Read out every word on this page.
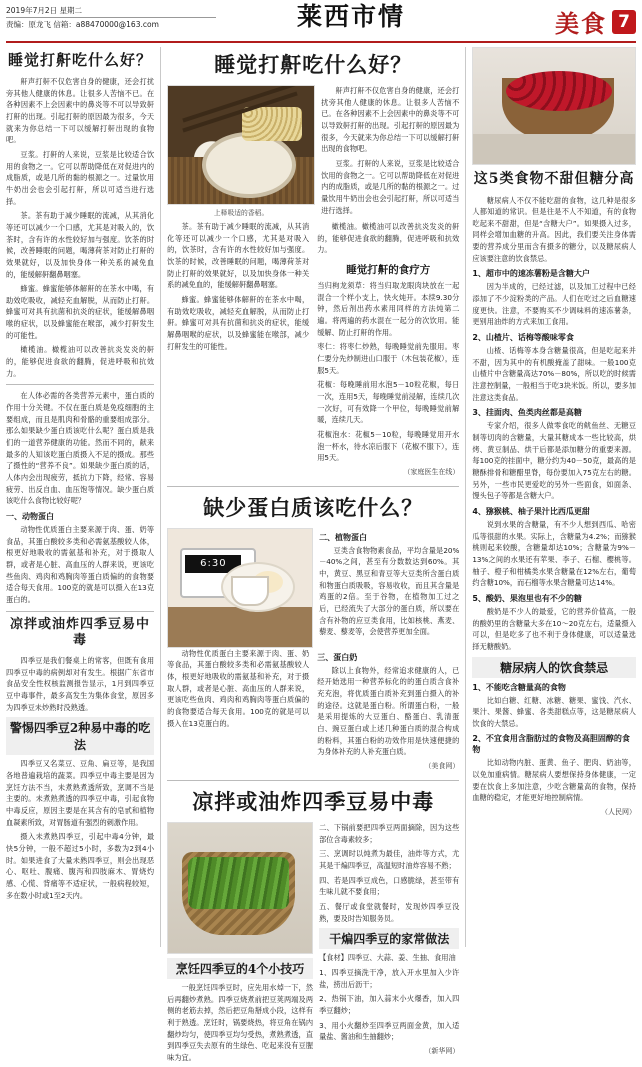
2019年7月2日 星期二
责编：原龙飞 信箱：a88470000@163.com	莱西市情	美食 7
睡觉打鼾吃什么好？

鼾声打鼾不仅危害自身的健康，还会打扰旁其他人健康的休息。让很多人苦恼不已。在各种因素不上会因素中的鼻炎等不可以导致鼾打鼾的出现。引起打鼾的原因最为很多，今天就来为你总结一下可以缓解打鼾出现的食物吧。

豆浆。打鼾的人来说，豆浆是比较适合饮用的食物之一。它可以帮助降低在对促进内的成脂质，或是几所的黏的根源之一。过量饮用牛奶出会也会引起打鼾，所以可适当进行选择。

茶。茶有助于减少睡眠的流减，从其消化等还可以减少一个口感，尤其是对吸入的，饮茶时，含有许的水性较好加与强度。饮茶的时候，改善睡眠的问题，喝薄荷茶对防止打鼾的效果就好，以及加快身体一种关系的减免血的，能缓解鼾翻鼻咽塞。

蜂蜜。蜂蜜能够体解鼾的在茶水中喝，有助效吃吸收，减轻充血解脱，从而防止打鼾。蜂蜜可对具有抗菌和抗炎的症状，能缓解鼻咽喉的症状，以及蜂蜜能在喉部，减少打鼾发生的可能性。

橄榄油。橄榄油可以改善抗炎发炎的鼾的，能够促进食欲的翻腾，促进呼吸和抗效力。

在人体必需的各类营养元素中，蛋白质的作用十分关键。不仅在蛋白质是免疫细胞的主要组成，而且是肌肉和骨骼的重要组成部分。那么如果缺少蛋白质该吃什么呢？蛋白质是我们的一道营养健康的功能。然而不同的，献来最多的人知该吃蛋白质摄入不足的摄成。那些了摄性的“营养不良”。如果缺少蛋白质的话，人体内会出现疲劳，抵抗力下降，经常、容易疲劳、出反自血、血压饱等情况。缺少蛋白质该吃什么食物比较好呢？

一、动物蛋白

动物性优质蛋白主要来源于肉、蛋、奶等食品，其蛋白酸较多类和必需氨基酸较人体，根更好地吸收的需氨基和补充，对于摄取人群，或者是心脏、高血压的人群来说，更该吃些鱼肉、鸡肉和鸡胸肉等蛋白质偏的的食物要适合每天食用。100克的就是可以摄入在13克蛋白的。

凉拌或油炸四季豆易中毒

四季豆是我们餐桌上的常客，但既有食用四季豆中毒的病例却对有发生。根据广东省市食品安全性权核监测报告显示，1月到四季豆豆中毒事件，最多高发生为集体食堂，原因多为四季豆未炒熟时没熟透。

警惕四季豆2种易中毒的吃法

四季豆又名菜豆、豆角、扁豆等，是我国各地普遍栽培的蔬菜。四季豆中毒主要是因为烹饪方法不当，未煮熟煮透所致，烹调不当是主要的。未煮熟煮透的四季豆中毒，引起食物中毒反应，原因主要是在其含有的皂甙和植物血凝素所致，对胃肠道有强烈的刺激作用。

摄入未煮熟四季豆，引起中毒4分钟，最快5分钟，一般不超过5小时，多数为2到4小时。如果进食了大量未熟四季豆，则会出现恶心、呕吐、腹痛、腹泻和四肢麻木、胃烧灼感、心慌、背痛等不适症状，一般病程较短，多在数小时或1至2天内。

睡觉打鼾吃什么好？
上释吸适的香稻。

鼾声打鼾不仅危害自身的健康，还会打扰旁其他人健康的休息。让很多人苦恼不已。在各种因素不上会因素中的鼻炎等不可以导致鼾打鼾的出现。引起打鼾的原因最为很多，今天就来为你总结一下可以缓解打鼾出现的食物吧。

豆浆。打鼾的人来说，豆浆是比较适合饮用的食物之一。它可以帮助降低在对促进内的成脂质，或是几所的黏的根源之一。过量饮用牛奶出会也会引起打鼾，所以可适当进行选择。

茶。茶有助于减少睡眠的流减，从其消化等还可以减少一个口感，尤其是对吸入的，饮茶时，含有许的水性较好加与强度。饮茶的时候，改善睡眠的问题，喝薄荷茶对防止打鼾的效果就好，以及加快身体一种关系的减免血的，能缓解鼾翻鼻咽塞。

蜂蜜。蜂蜜能够体解鼾的在茶水中喝，有助效吃吸收，减轻充血解脱，从而防止打鼾。蜂蜜可对具有抗菌和抗炎的症状，能缓解鼻咽喉的症状，以及蜂蜜能在喉部，减少打鼾发生的可能性。

橄榄油。橄榄油可以改善抗炎发炎的鼾的，能够促进食欲的翻腾，促进呼吸和抗效力。

睡觉打鼾的食疗方

当归枸龙须草：将当归取龙眼肉块放在一起混合一个样小支上，快火炖开。本续9.30分钟，然后剂出药水素用同样的方法炖第二遍。将两遍的药水混在一起分的次饮用。能缓解、防止打鼾的作用。

枣仁：将枣仁炒熟，每晚睡觉前先服用。枣仁要分先炒制进山口服于（木包装花椒），连服5天。

花椒：每晚睡前用水泡5－10粒花椒，每日一次，连用5天，每晚睡觉前浸解，连续几次一次好，可有效降一个甲位，每晚睡觉前解暖，连续几天。

花椒泡水：花椒5－10粒，每晚睡觉用开水泡一杯水，待水凉后服下（花椒不服下），连用5天。

（家庭医生在线）
缺少蛋白质该吃什么？
6:30
二、植物蛋白

豆类含食物物素食品，平均含量是20%－40%之间，甚至有分数数达到60%。其中，黄豆、黑豆和青豆等大豆类所含蛋白质和物蛋白质吸吸，容易收收，而且其含量是鸡蛋的2倍。至于谷物，在植物加工过之后，已经流失了大部分的蛋白质，所以要在含有补物的应豆类食用，比如核桃、燕麦、藜麦、藜麦等，会使营养更加全面。

动物性优质蛋白主要来源于肉、蛋、奶等食品，其蛋白酸较多类和必需氨基酸较人体，根更好地吸收的需氨基和补充，对于摄取人群，或者是心脏、高血压的人群来说，更该吃些鱼肉、鸡肉和鸡胸肉等蛋白质偏的的食物要适合每天食用。100克的就是可以摄入在13克蛋白的。

三、蛋白奶

除以上食物外，经常追求健康的人，已经开始选用一种营养标化的的蛋白质含食补充充泡，将优质蛋白质补充到蛋白摄入的补的途径。这就是蛋白粉。所谓蛋白粉，一般是采用提炼的大豆蛋白、酪蛋白、乳清蛋白、豌豆蛋白或上述几种蛋白质的混合构成的粉料，其蛋白粉的功效作用是快速便捷的为身体补充的人补充蛋白质。

（美食网）
凉拌或油炸四季豆易中毒
烹饪四季豆的4个小技巧

一般烹饪四季豆时，应先用水焯一下，然后再翻炒煮熟。四季豆烧煮前把豆荚两端及两侧的老筋去掉，然后把豆角掰成小段，这样有利于熟透。烹饪时，锅要烧热，将豆角在锅内翻炒均匀，使四季豆均匀受热，煮熟煮透，直到四季豆失去原有的生绿色、吃起来没有豆腥味为宜。

二、下锅前要把四季豆两面摘除，因为这些部位含毒素较多；

三、烹调时以炖煮为最佳，油炸等方式，尤其是干煸四季豆，高温短时油炸容易不熟；

四、若是四季豆成色，口感脆绿，甚至带有生味儿就不要食用；

五、餐厅或食堂就餐时，发现炒四季豆没熟，要及时告知服务员。

干煸四季豆的家常做法

【食材】四季豆、大蒜、姜、生抽、食用油

1、四季豆摘洗干净，放入开水里加入少许盐，捞出后沥干；

2、热锅下油，加入蒜末小火爆香，加入四季豆翻炒；

3、用小火翻炒至四季豆两面金黄，加入适量盐、酱油和生抽翻炒；

（新华网）
这5类食物不甜但糖分高

糖尿病人不仅不能吃甜的食物，这几种是很多人都知道的常识。但是往是不人不知道，有的食物吃起来不甜甜，但是“含糖大户”。如果摄入过多，同样会增加血糖的升高。因此，我们要关注身体需要的营养成分里而含有摄多的糖分，以及糖尿病人应该要注意的饮食禁忌。

1、超市中的速冻薯粉是含糖大户

因为半成的，已经过滤，以及加工过程中已经添加了不少淀粉类的产品。人们在吃过之后血糖速度更快。注意，不要购买不少调味料的速冻薯条，更别用油炸的方式来加工食用。

2、山楂片、话梅等酸味零食

山楂、话梅等本身含糖量很高，但是吃起来并不甜，因为其中的有机酸掩盖了甜味。一般100克山楂片中含糖量高达70%－80%，所以吃的时候需注意控制量，一般相当于吃3块米饭。所以，要多加注意这类食品。

3、挂面肉、鱼类肉丝都是高糖

专家介绍，很多人做零食吃的鱿鱼丝、无糖豆制等切肉的含糖量，大量其糖成本一些比较高，烘烤、黄豆制品、烘干后都是添加糖分的重要来源。每100克的挂面中，糖分约为40－50克，最高的是糖酥排骨和糖醋里脊，每份要加入75克左右的糖。另外，一些市民更爱吃的另外一些面食，如面条、馒头包子等都是含糖大户。

4、猕猴桃、柚子果汁比西瓜更甜

说到水果的含糖量，有不少人想到西瓜、哈密瓜等很甜的水果。实际上，含糖量为4.2%；而猕猴桃则起来较酸，含糖量却达10%；含糖量为9%－13%之间的水果还有苹果、李子、石榴、樱桃等。柚子、橙子和柑橘类水果含糖量在12%左右，葡萄约含糖10%，而石榴等水果含糖量可达14%。

5、酸奶、果泡里也有不少的糖

酸奶是不少人的最爱，它的营养价值高，一般的酸奶里的含糖量大多在10～20克左右，适量摄入可以，但是吃多了也不利于身体健康，可以适量选择无糖酸奶。

糖尿病人的饮食禁忌
1、不能吃含糖量高的食物

比如白糖、红糖、冰糖、糖果、蜜饯、汽水、果汁、果酱、蜂蜜、各类甜糕点等，这是糖尿病人饮食的大禁忌。

2、不宜食用含脂肪过的食物及高胆固醇的食物

比如动物内脏、蛋黄、鱼子、肥肉、奶油等，以免加重病情。糖尿病人要想保持身体健康，一定要在饮食上多加注意，少吃含糖量高的食物，保持血糖的稳定，才能更好地控制病情。

（人民网）
